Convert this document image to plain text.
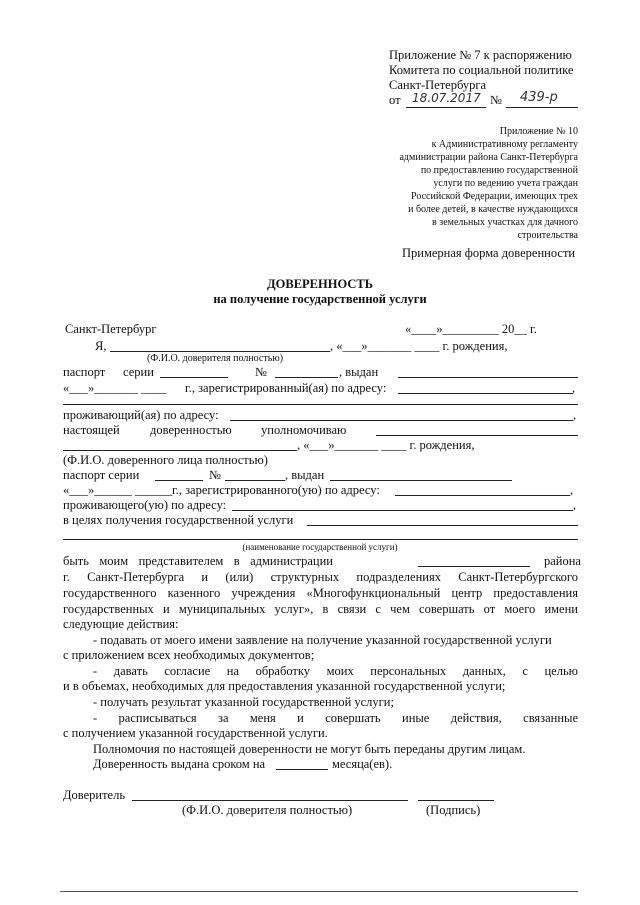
Приложение № 7 к распоряжению
Комитета по социальной политике
Санкт-Петербурга
от 18.07.2017 № 439-р
Приложение № 10
к Административному регламенту
администрации района Санкт-Петербурга
по предоставлению государственной
услуги по ведению учета граждан
Российской Федерации, имеющих трех
и более детей, в качестве нуждающихся
в земельных участках для дачного
строительства
Примерная форма доверенности
ДОВЕРЕННОСТЬ
на получение государственной услуги
Санкт-Петербург	«____»_________ 20__ г.
Я,	, «___»_______ ____ г. рождения,
(Ф.И.О. доверителя полностью)
паспорт серии	№	, выдан
«___»_______ ____ г., зарегистрированный(ая) по адресу:	,
проживающий(ая) по адресу:	,
настоящей доверенностью уполномочиваю
, «___»_______ ____ г. рождения,
(Ф.И.О. доверенного лица полностью)
паспорт серии	№	, выдан
«___»______ ______ г., зарегистрированного(ую) по адресу:	,
проживающего(ую) по адресу:	,
в целях получения государственной услуги
(наименование государственной услуги)
быть моим представителем в администрации	района
г. Санкт-Петербурга и (или) структурных подразделениях Санкт-Петербургского
государственного казенного учреждения «Многофункциональный центр предоставления
государственных и муниципальных услуг», в связи с чем совершать от моего имени
следующие действия:
- подавать от моего имени заявление на получение указанной государственной услуги
с приложением всех необходимых документов;
- давать согласие на обработку моих персональных данных, с целью
и в объемах, необходимых для предоставления указанной государственной услуги;
- получать результат указанной государственной услуги;
- расписываться за меня и совершать иные действия, связанные
с получением указанной государственной услуги.
Полномочия по настоящей доверенности не могут быть переданы другим лицам.
Доверенность выдана сроком на	месяца(ев).
Доверитель
(Ф.И.О. доверителя полностью)	(Подпись)
